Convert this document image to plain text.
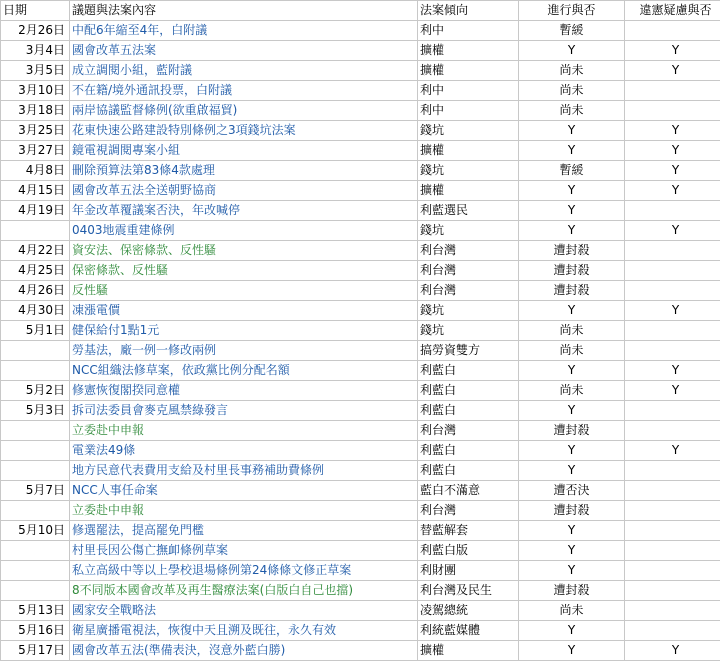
日期	議題與法案內容	法案傾向	進行與否	違憲疑慮與否
2月26日	中配6年縮至4年，白附議	利中	暫緩	
3月4日	國會改革五法案	擴權	Y	Y
3月5日	成立調閱小組，藍附議	擴權	尚未	Y
3月10日	不在籍/境外通訊投票，白附議	利中	尚未	
3月18日	兩岸協議監督條例(欲重啟福貿)	利中	尚未	
3月25日	花東快速公路建設特別條例之3項錢坑法案	錢坑	Y	Y
3月27日	鏡電視調閱專案小組	擴權	Y	Y
4月8日	刪除預算法第83條4款處理	錢坑	暫緩	Y
4月15日	國會改革五法全送朝野協商	擴權	Y	Y
4月19日	年金改革覆議案否決，年改喊停	利藍選民	Y	
	0403地震重建條例	錢坑	Y	Y
4月22日	資安法、保密條款、反性騷	利台灣	遭封殺	
4月25日	保密條款、反性騷	利台灣	遭封殺	
4月26日	反性騷	利台灣	遭封殺	
4月30日	凍漲電價	錢坑	Y	Y
5月1日	健保給付1點1元	錢坑	尚未	
	勞基法，廠一例一修改兩例	搞勞資雙方	尚未	
	NCC組織法修草案，依政黨比例分配名額	利藍白	Y	Y
5月2日	修憲恢復閣揆同意權	利藍白	尚未	Y
5月3日	拆司法委員會麥克風禁綠發言	利藍白	Y	
	立委赴中申報	利台灣	遭封殺	
	電業法49條	利藍白	Y	Y
	地方民意代表費用支給及村里長事務補助費條例	利藍白	Y	
5月7日	NCC人事任命案	藍白不滿意	遭否決	
	立委赴中申報	利台灣	遭封殺	
5月10日	修選罷法，提高罷免門檻	替藍解套	Y	
	村里長因公傷亡撫卹條例草案	利藍白版	Y	
	私立高級中等以上學校退場條例第24條條文修正草案	利財團	Y	
	8不同版本國會改革及再生醫療法案(白版白自己也擋)	利台灣及民生	遭封殺	
5月13日	國家安全戰略法	凌駕總統	尚未	
5月16日	衛星廣播電視法，恢復中天且溯及既往，永久有效	利統藍媒體	Y	
5月17日	國會改革五法(準備表決，沒意外藍白勝)	擴權	Y	Y
